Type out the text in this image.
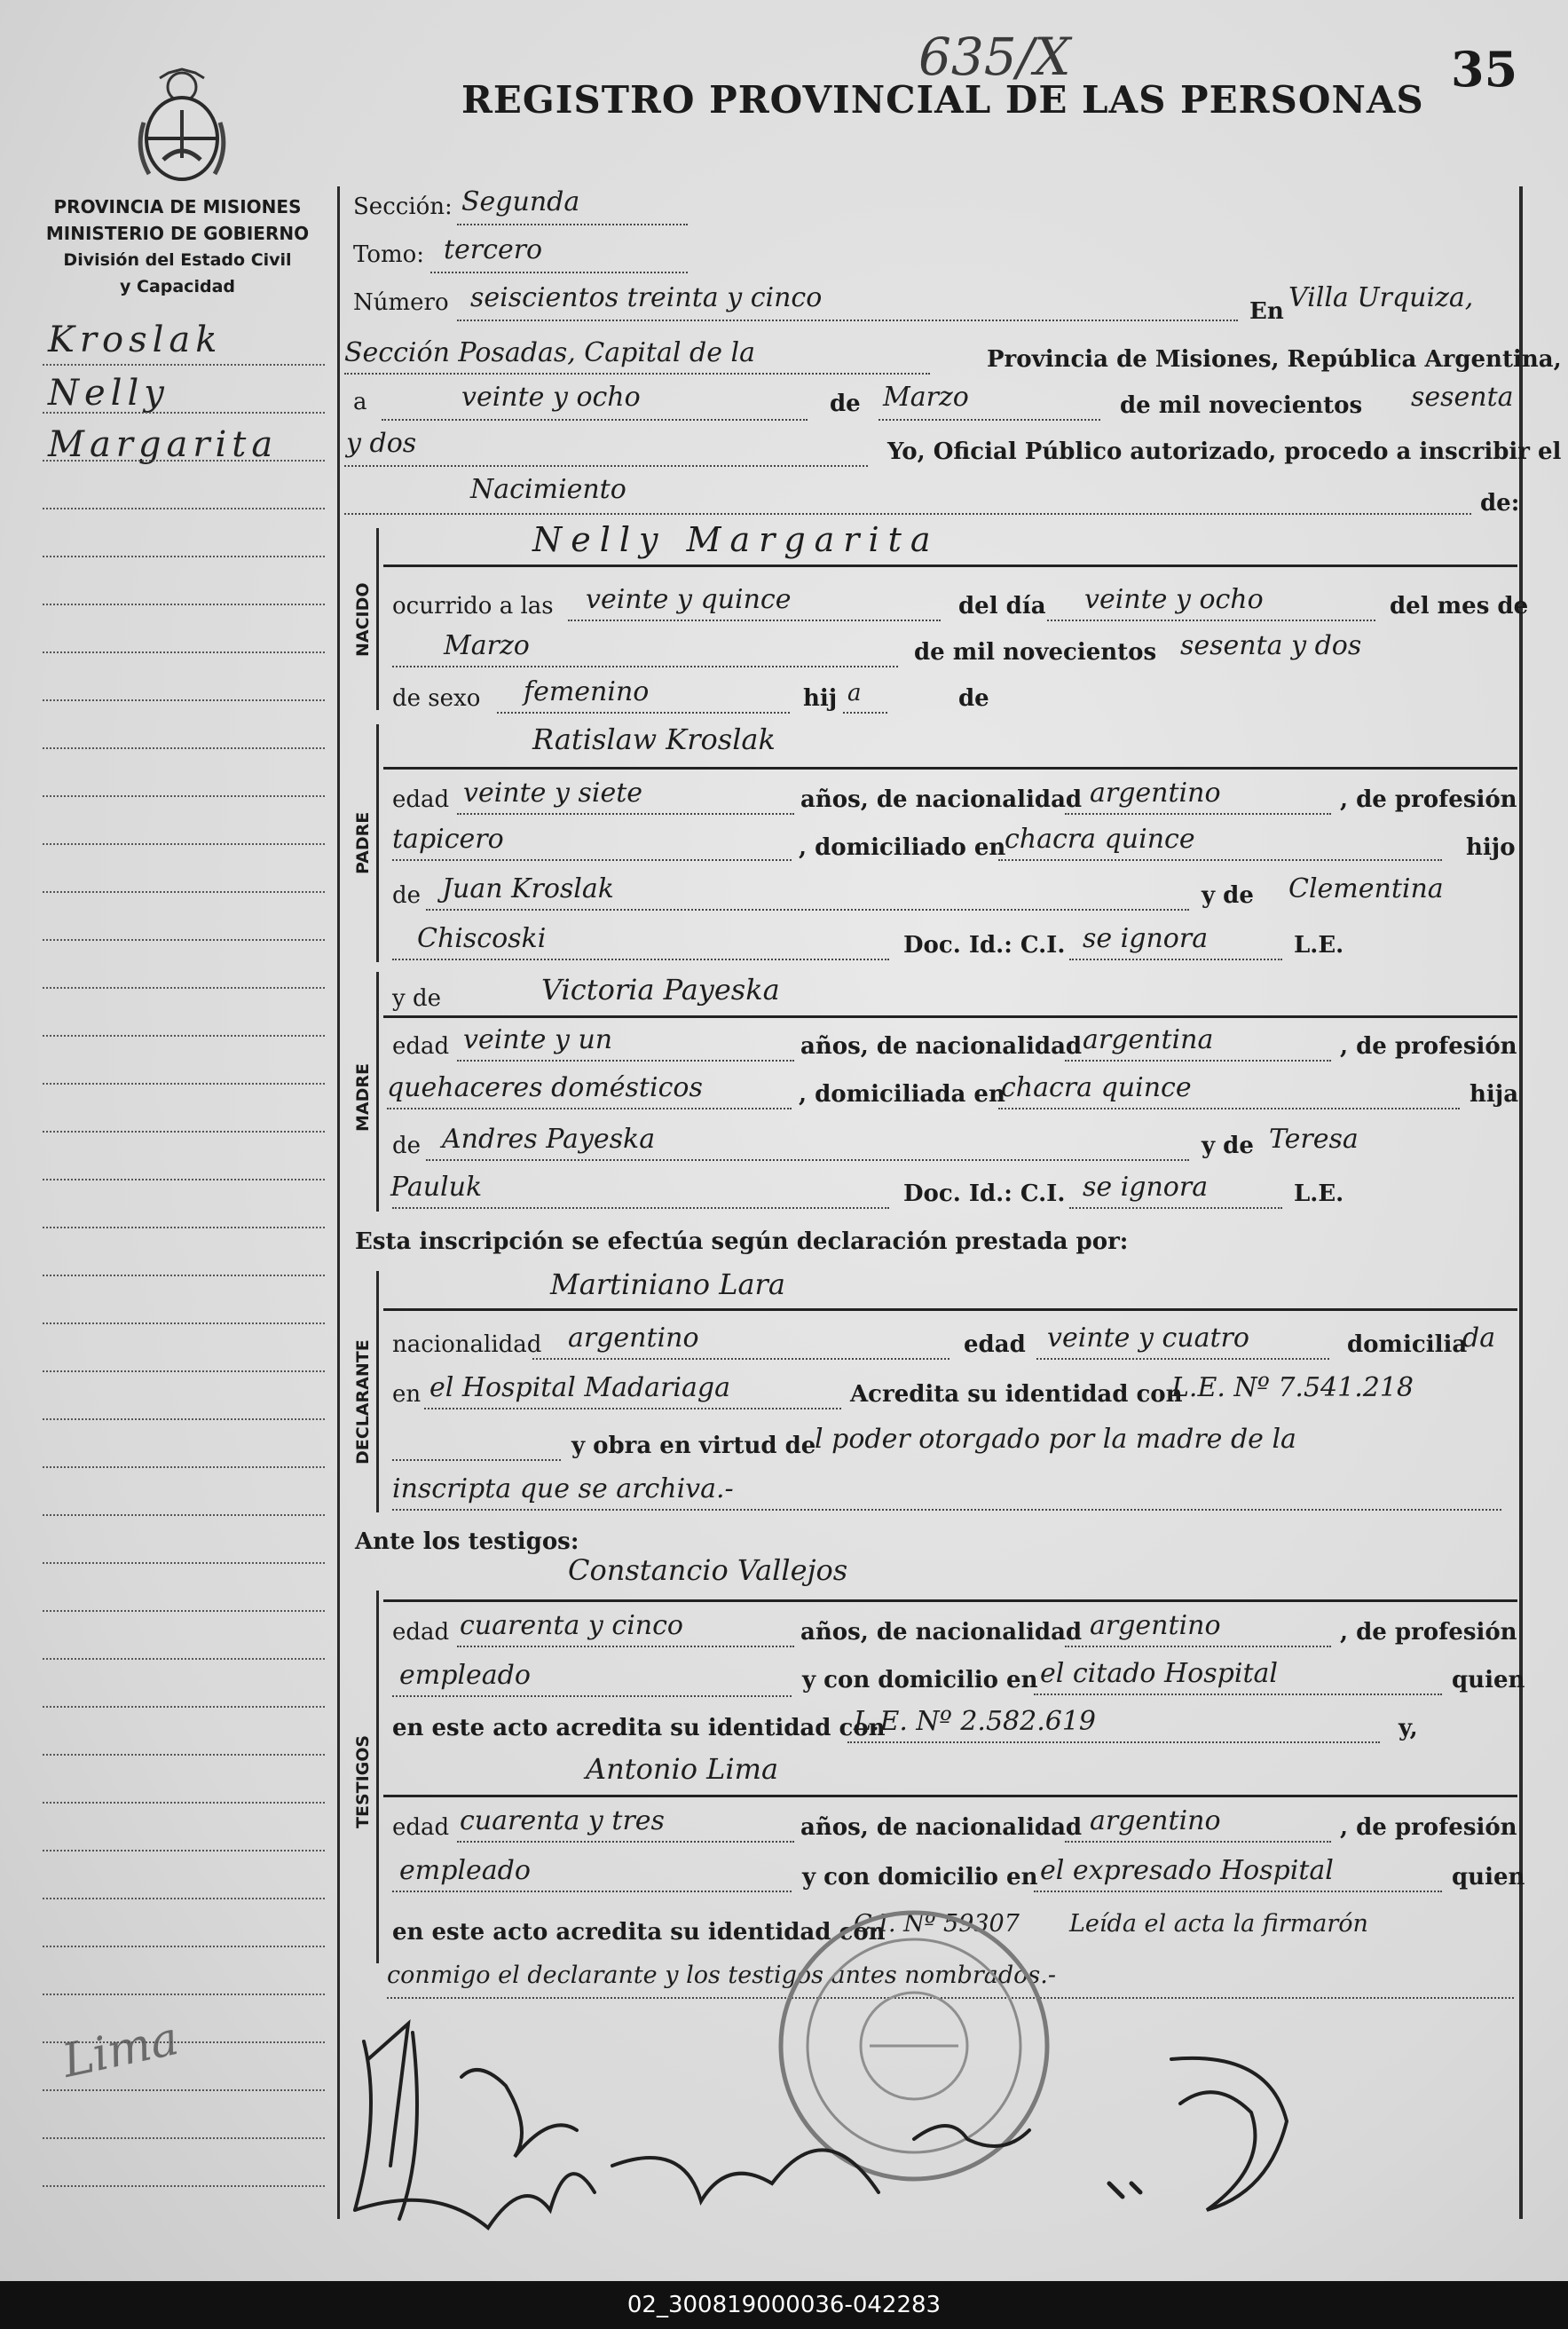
635/X	35
REGISTRO PROVINCIAL DE LAS PERSONAS
PROVINCIA DE MISIONES
MINISTERIO DE GOBIERNO
División del Estado Civil
y Capacidad
Kroslak
Nelly
Margarita
Lima
Sección: Segunda
Tomo: tercero
Número seiscientos treinta y cinco	En Villa Urquiza,
Sección Posadas, Capital de la	Provincia de Misiones, República Argentina,
a	veinte y ocho	de Marzo	de mil novecientos sesenta
y dos	Yo, Oficial Público autorizado, procedo a inscribir el
Nacimiento	de:
NACIDO
Nelly Margarita
ocurrido a las veinte y quince	del día veinte y ocho	del mes de
Marzo	de mil novecientos sesenta y dos
de sexo femenino	hij a	de
PADRE
Ratislaw Kroslak
edad veinte y siete	años, de nacionalidad argentino	, de profesión
tapicero	, domiciliado en
chacra quince	hijo
de Juan Kroslak	y de Clementina
Chiscoski	Doc. Id.: C.I. se ignora	L.E.
MADRE
y de	Victoria Payeska
edad veinte y un	años, de nacionalidad argentina	, de profesión
quehaceres domésticos	, domiciliada en
chacra quince	hija
de Andres Payeska	y de Teresa
Pauluk	Doc. Id.: C.I. se ignora	L.E.
Esta inscripción se efectúa según declaración prestada por:
DECLARANTE
Martiniano Lara
nacionalidad argentino	edad veinte y cuatro	domicilia
da
en el Hospital Madariaga	Acredita su identidad con
L.E. Nº 7.541.218
y obra en virtud de
l poder otorgado por la madre de la
inscripta que se archiva.-
Ante los testigos:
TESTIGOS
Constancio Vallejos
edad cuarenta y cinco	años, de nacionalidad argentino	, de profesión
empleado	y con domicilio en el citado Hospital	quien
en este acto acredita su identidad con
L.E. Nº 2.582.619	y,
Antonio Lima
edad cuarenta y tres	años, de nacionalidad argentino	, de profesión
empleado	y con domicilio en el expresado Hospital	quien
en este acto acredita su identidad con
C.I. Nº 59307 Leída el acta la firmarón
conmigo el declarante y los testigos antes nombrados.-
02_300819000036-042283
